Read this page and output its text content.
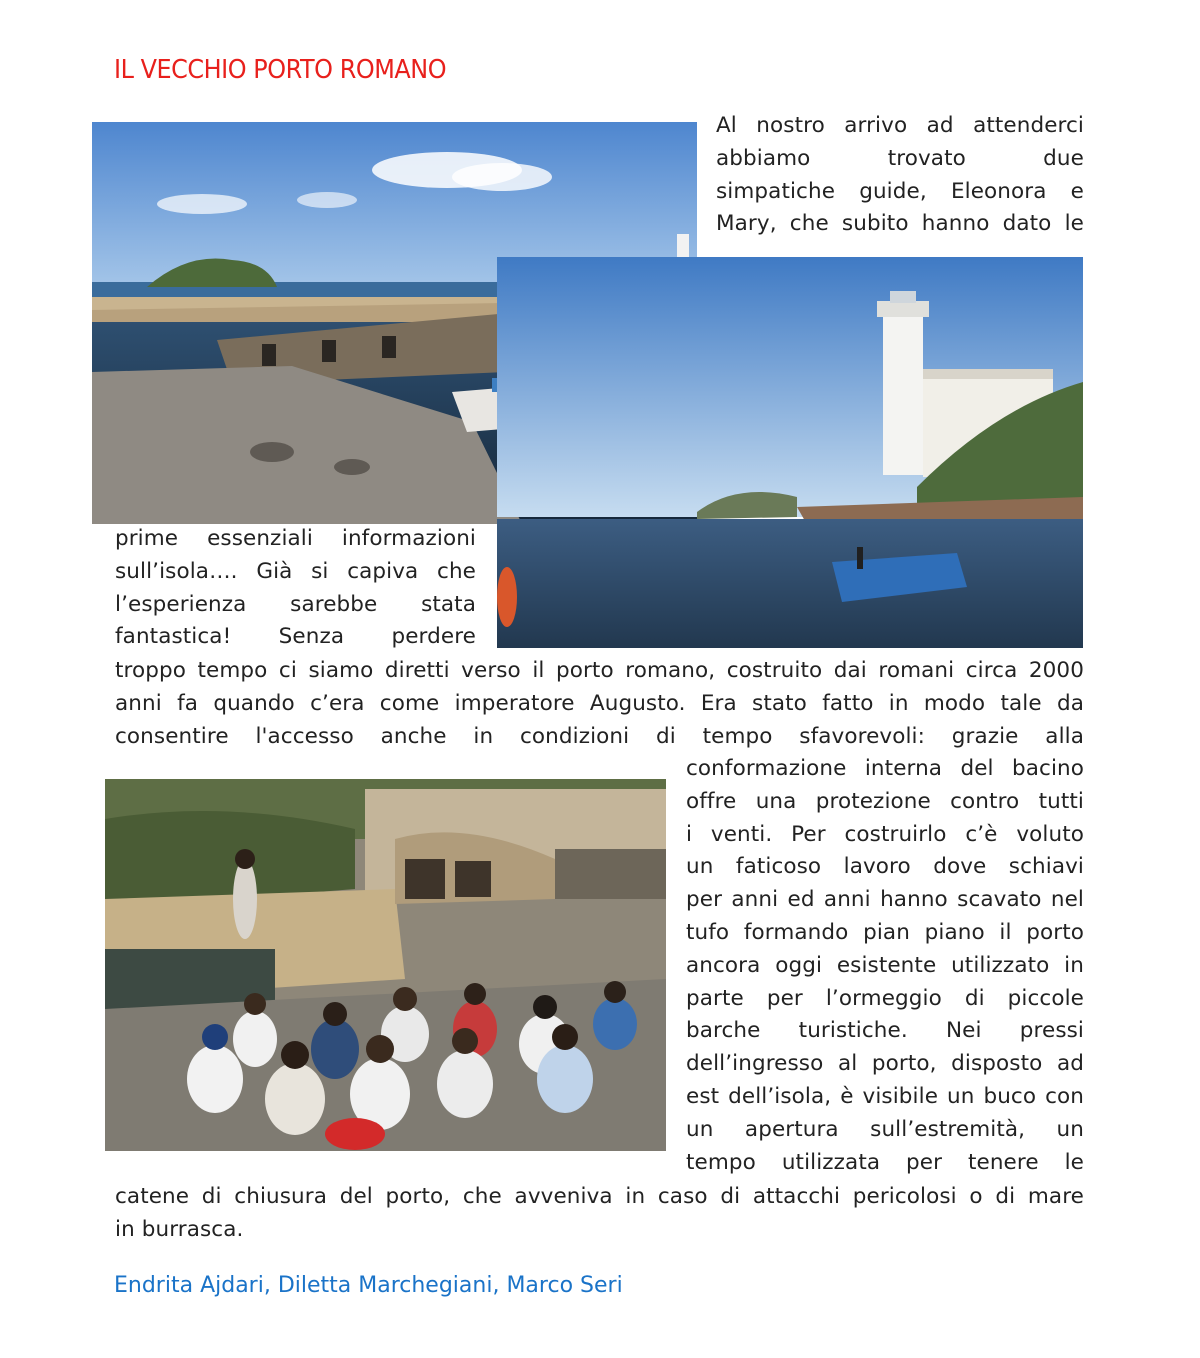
IL VECCHIO PORTO ROMANO
Al nostro arrivo ad attenderci
abbiamo trovato due
simpatiche guide, Eleonora e
Mary, che subito hanno dato le
prime essenziali informazioni
sull’isola…. Già si capiva che
l’esperienza sarebbe stata
fantastica! Senza perdere
troppo tempo ci siamo diretti verso il porto romano, costruito dai romani circa 2000
anni fa quando c’era come imperatore Augusto. Era stato fatto in modo tale da
consentire l'accesso anche in condizioni di tempo sfavorevoli: grazie alla
conformazione interna del bacino
offre una protezione contro tutti
i venti. Per costruirlo c’è voluto
un faticoso lavoro dove schiavi
per anni ed anni hanno scavato nel
tufo formando pian piano il porto
ancora oggi esistente utilizzato in
parte per l’ormeggio di piccole
barche turistiche. Nei pressi
dell’ingresso al porto, disposto ad
est dell’isola, è visibile un buco con
un apertura sull’estremità, un
tempo utilizzata per tenere le
catene di chiusura del porto, che avveniva in caso di attacchi pericolosi o di mare
in burrasca.
Endrita Ajdari, Diletta Marchegiani, Marco Seri
